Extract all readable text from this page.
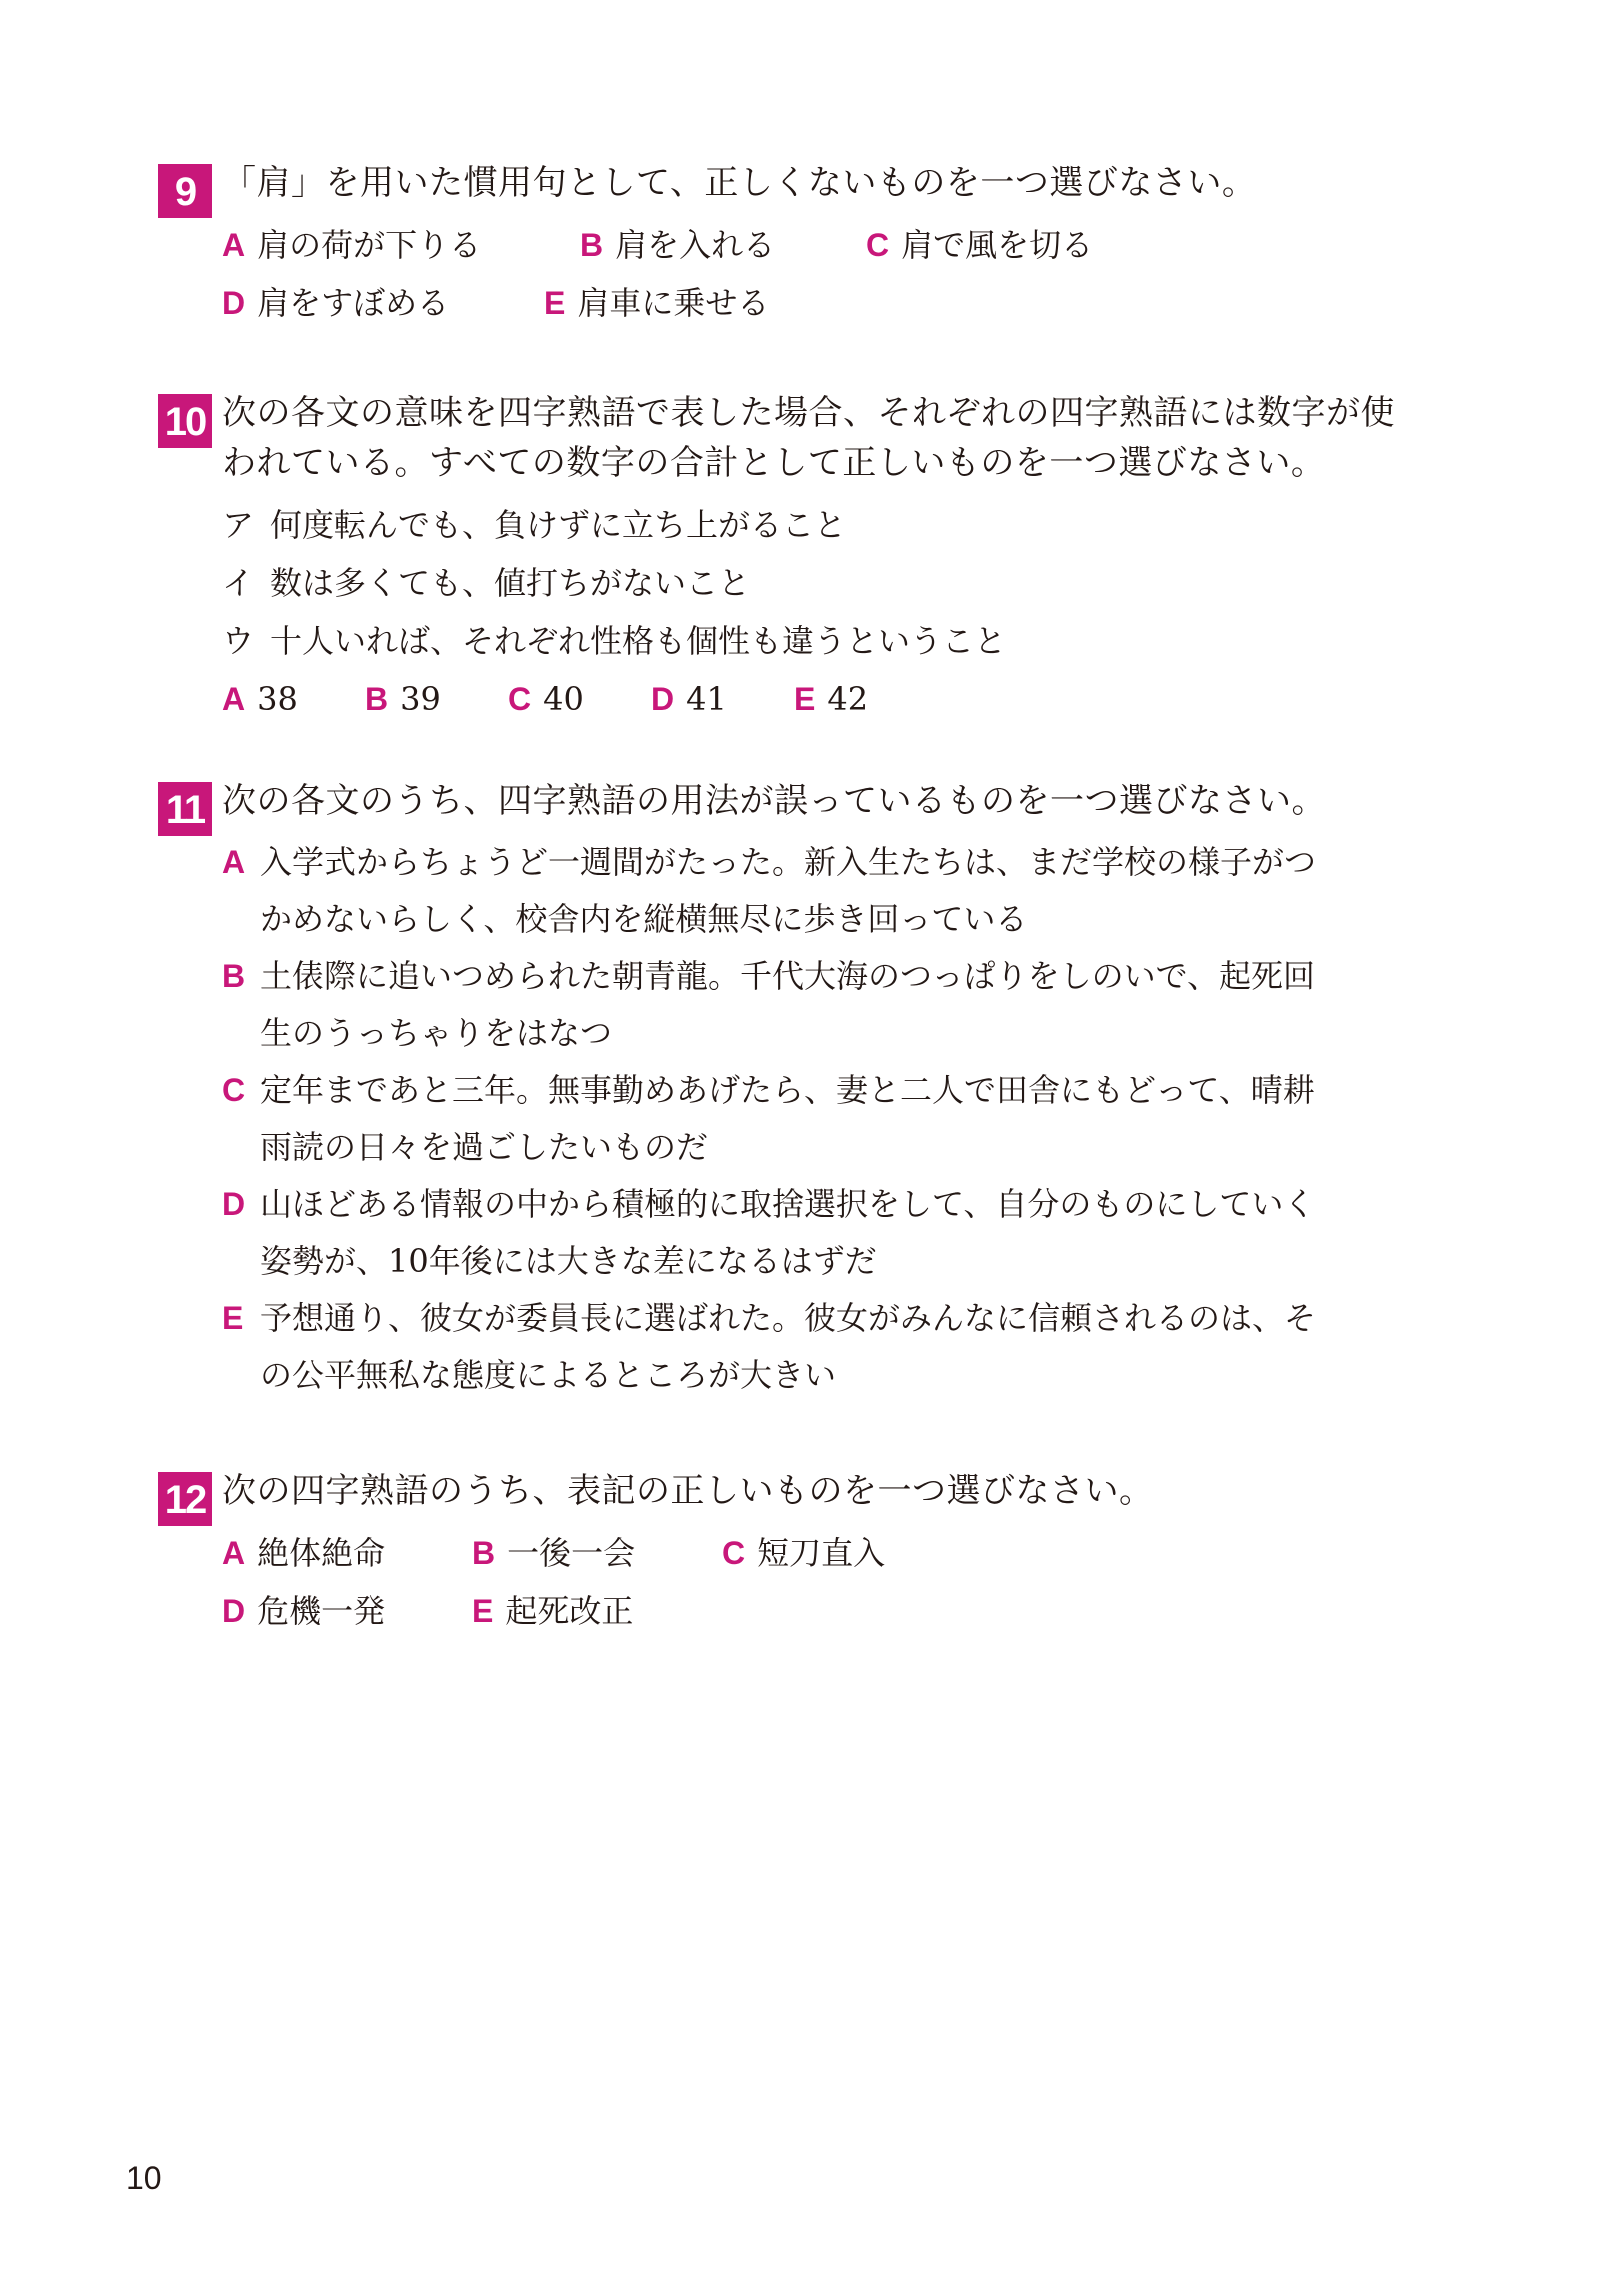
9 「肩」を用いた慣用句として、正しくないものを一つ選びなさい。
A 肩の荷が下りる	B 肩を入れる	C 肩で風を切る
D 肩をすぼめる	E 肩車に乗せる
10 次の各文の意味を四字熟語で表した場合、それぞれの四字熟語には数字が使
われている。すべての数字の合計として正しいものを一つ選びなさい。
ア 何度転んでも、負けずに立ち上がること
イ 数は多くても、値打ちがないこと
ウ 十人いれば、それぞれ性格も個性も違うということ
A 38 B 39 C 40 D 41 E 42
11 次の各文のうち、四字熟語の用法が誤っているものを一つ選びなさい。
A 入学式からちょうど一週間がたった。新入生たちは、まだ学校の様子がつ
かめないらしく、校舎内を縦横無尽に歩き回っている
B 土俵際に追いつめられた朝青龍。千代大海のつっぱりをしのいで、起死回
生のうっちゃりをはなつ
C 定年まであと三年。無事勤めあげたら、妻と二人で田舎にもどって、晴耕
雨読の日々を過ごしたいものだ
D 山ほどある情報の中から積極的に取捨選択をして、自分のものにしていく
姿勢が、10年後には大きな差になるはずだ
E 予想通り、彼女が委員長に選ばれた。彼女がみんなに信頼されるのは、そ
の公平無私な態度によるところが大きい
12 次の四字熟語のうち、表記の正しいものを一つ選びなさい。
A 絶体絶命	B 一後一会	C 短刀直入
D 危機一発	E 起死改正
10
